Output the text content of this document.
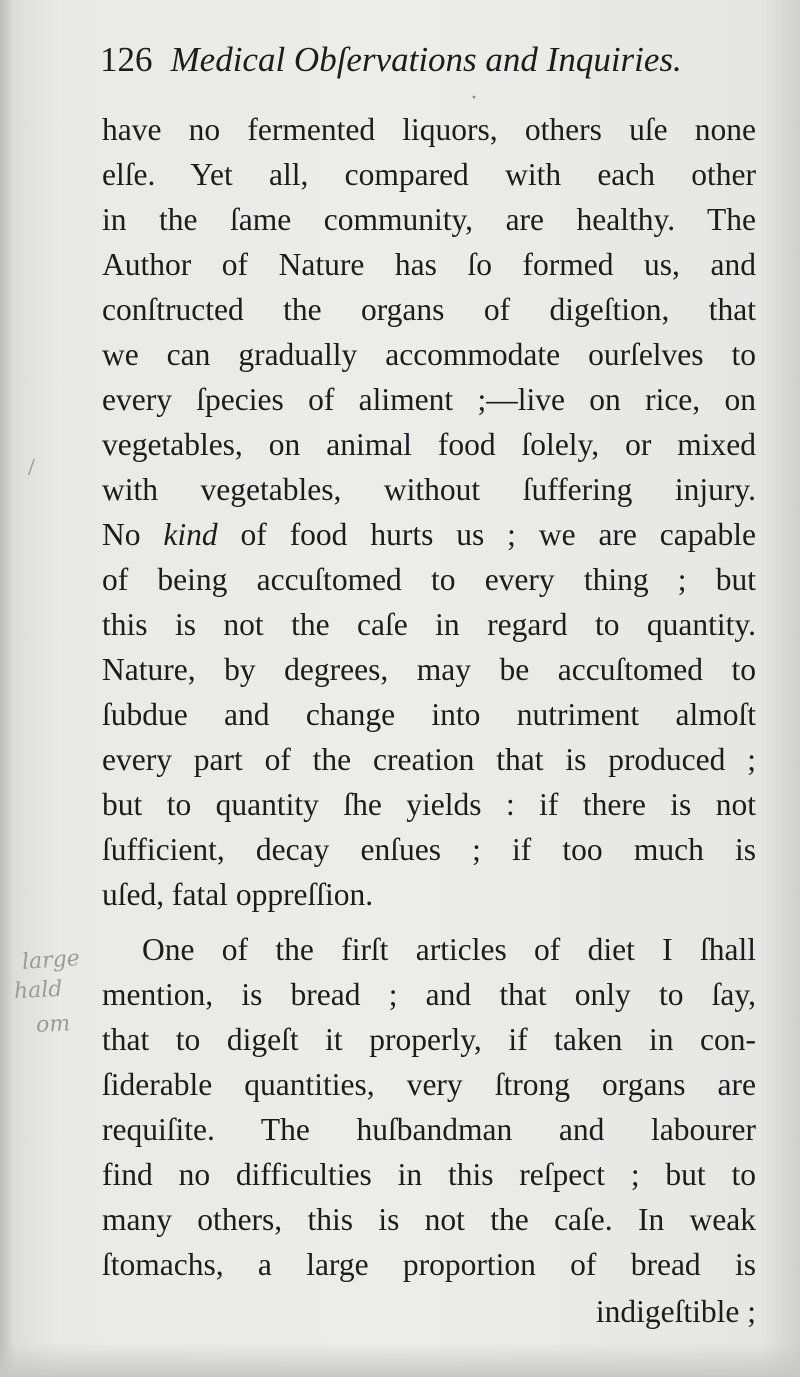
126 Medical Obſervations and Inquiries.
·
/
have no fermented liquors, others uſe none
elſe. Yet all, compared with each other
in the ſame community, are healthy. The
Author of Nature has ſo formed us, and
conſtructed the organs of digeſtion, that
we can gradually accommodate ourſelves to
every ſpecies of aliment ;—live on rice, on
vegetables, on animal food ſolely, or mixed
with vegetables, without ſuffering injury.
No kind of food hurts us ; we are capable
of being accuſtomed to every thing ; but
this is not the caſe in regard to quantity.
Nature, by degrees, may be accuſtomed to
ſubdue and change into nutriment almoſt
every part of the creation that is produced ;
but to quantity ſhe yields : if there is not
ſufficient, decay enſues ; if too much is
uſed, fatal oppreſſion.
large
hald
om
One of the firſt articles of diet I ſhall
mention, is bread ; and that only to ſay,
that to digeſt it properly, if taken in con-
ſiderable quantities, very ſtrong organs are
requiſite. The huſbandman and labourer
find no difficulties in this reſpect ; but to
many others, this is not the caſe. In weak
ſtomachs, a large proportion of bread is
indigeſtible ;
